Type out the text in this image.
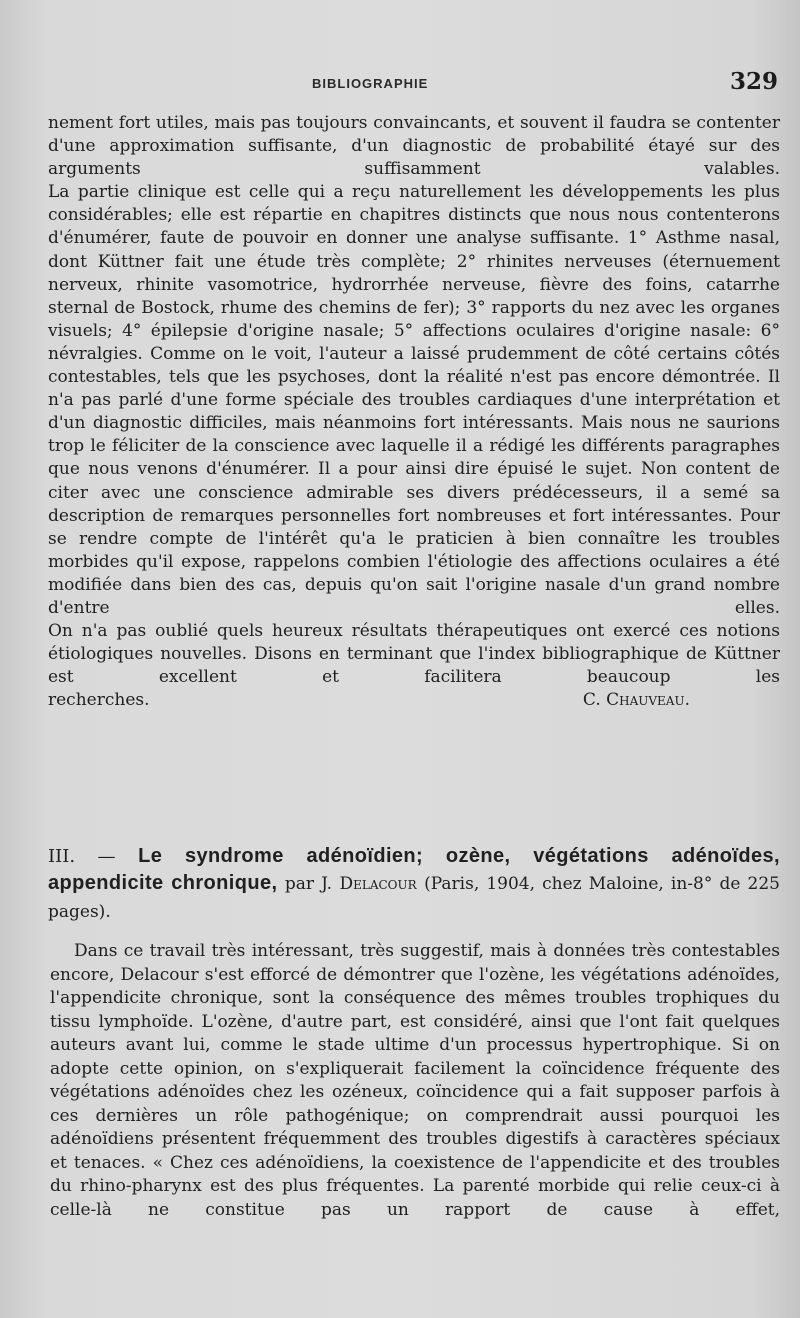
BIBLIOGRAPHIE	329

nement fort utiles, mais pas toujours convaincants, et souvent il faudra se contenter d'une approximation suffisante, d'un diagnostic de probabilité étayé sur des arguments suffisamment valables.

La partie clinique est celle qui a reçu naturellement les développements les plus considérables; elle est répartie en chapitres distincts que nous nous contenterons d'énumérer, faute de pouvoir en donner une analyse suffisante. 1° Asthme nasal, dont Küttner fait une étude très complète; 2° rhinites nerveuses (éternuement nerveux, rhinite vasomotrice, hydrorrhée nerveuse, fièvre des foins, catarrhe sternal de Bostock, rhume des chemins de fer); 3° rapports du nez avec les organes visuels; 4° épilepsie d'origine nasale; 5° affections oculaires d'origine nasale: 6° névralgies. Comme on le voit, l'auteur a laissé prudemment de côté certains côtés contestables, tels que les psychoses, dont la réalité n'est pas encore démontrée. Il n'a pas parlé d'une forme spéciale des troubles cardiaques d'une interprétation et d'un diagnostic difficiles, mais néanmoins fort intéressants. Mais nous ne saurions trop le féliciter de la conscience avec laquelle il a rédigé les différents paragraphes que nous venons d'énumérer. Il a pour ainsi dire épuisé le sujet. Non content de citer avec une conscience admirable ses divers prédécesseurs, il a semé sa description de remarques personnelles fort nombreuses et fort intéressantes. Pour se rendre compte de l'intérêt qu'a le praticien à bien connaître les troubles morbides qu'il expose, rappelons combien l'étiologie des affections oculaires a été modifiée dans bien des cas, depuis qu'on sait l'origine nasale d'un grand nombre d'entre elles.

On n'a pas oublié quels heureux résultats thérapeutiques ont exercé ces notions étiologiques nouvelles. Disons en terminant que l'index bibliographique de Küttner est excellent et facilitera beaucoup les

recherches.	C. Chauveau.

III. — Le syndrome adénoïdien; ozène, végétations adénoïdes, appendicite chronique, par J. Delacour (Paris, 1904, chez Maloine, in-8° de 225 pages).

Dans ce travail très intéressant, très suggestif, mais à données très contestables encore, Delacour s'est efforcé de démontrer que l'ozène, les végétations adénoïdes, l'appendicite chronique, sont la conséquence des mêmes troubles trophiques du tissu lymphoïde. L'ozène, d'autre part, est considéré, ainsi que l'ont fait quelques auteurs avant lui, comme le stade ultime d'un processus hypertrophique. Si on adopte cette opinion, on s'expliquerait facilement la coïncidence fréquente des végétations adénoïdes chez les ozéneux, coïncidence qui a fait supposer parfois à ces dernières un rôle pathogénique; on comprendrait aussi pourquoi les adénoïdiens présentent fréquemment des troubles digestifs à caractères spéciaux et tenaces. « Chez ces adénoïdiens, la coexistence de l'appendicite et des troubles du rhino-pharynx est des plus fréquentes. La parenté morbide qui relie ceux-ci à celle-là ne constitue pas un rapport de cause à effet,
